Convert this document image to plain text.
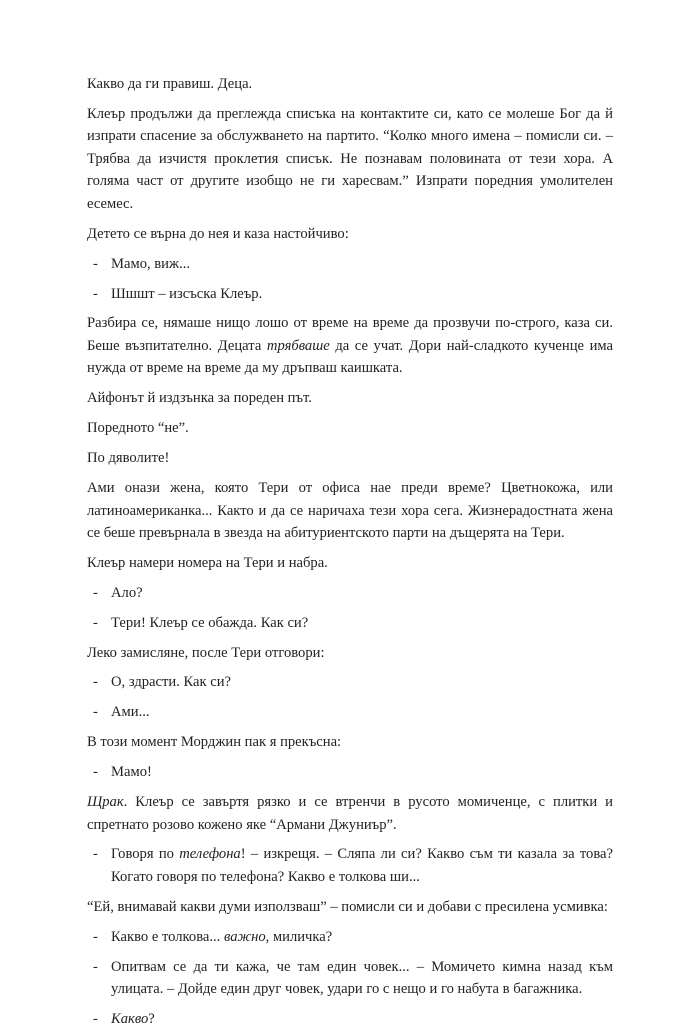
Какво да ги правиш. Деца.

Клеър продължи да преглежда списъка на контактите си, като се молеше Бог да й изпрати спасение за обслужването на партито. “Колко много имена – помисли си. – Трябва да изчистя проклетия списък. Не познавам половината от тези хора. А голяма част от другите изобщо не ги харесвам.” Изпрати поредния умолителен есемес.

Детето се върна до нея и каза настойчиво:

- Мамо, виж...
- Шшшт – изсъска Клеър.

Разбира се, нямаше нищо лошо от време на време да прозвучи по-строго, каза си. Беше възпитателно. Децата трябваше да се учат. Дори най-сладкото кученце има нужда от време на време да му дръпваш каишката.

Айфонът й издзънка за пореден път.

Поредното “не”.

По дяволите!

Ами онази жена, която Тери от офиса нае преди време? Цветнокожа, или латиноамериканка... Както и да се наричаха тези хора сега. Жизнерадостната жена се беше превърнала в звезда на абитуриентското парти на дъщерята на Тери.

Клеър намери номера на Тери и набра.

- Ало?
- Тери! Клеър се обажда. Как си?

Леко замисляне, после Тери отговори:

- О, здрасти. Как си?
- Ами...

В този момент Морджин пак я прекъсна:

- Мамо!

Щрак. Клеър се завъртя рязко и се втренчи в русото момиченце, с плитки и спретнато розово кожено яке “Армани Джуниър”.

- Говоря по телефона! – изкрещя. – Сляпа ли си? Какво съм ти казала за това? Когато говоря по телефона? Какво е толкова ши...

“Ей, внимавай какви думи използваш” – помисли си и добави с пресилена усмивка:

- Какво е толкова... важно, миличка?
- Опитвам се да ти кажа, че там един човек... – Момичето кимна назад към улицата. – Дойде един друг човек, удари го с нещо и го набута в багажника.
- Какво?
